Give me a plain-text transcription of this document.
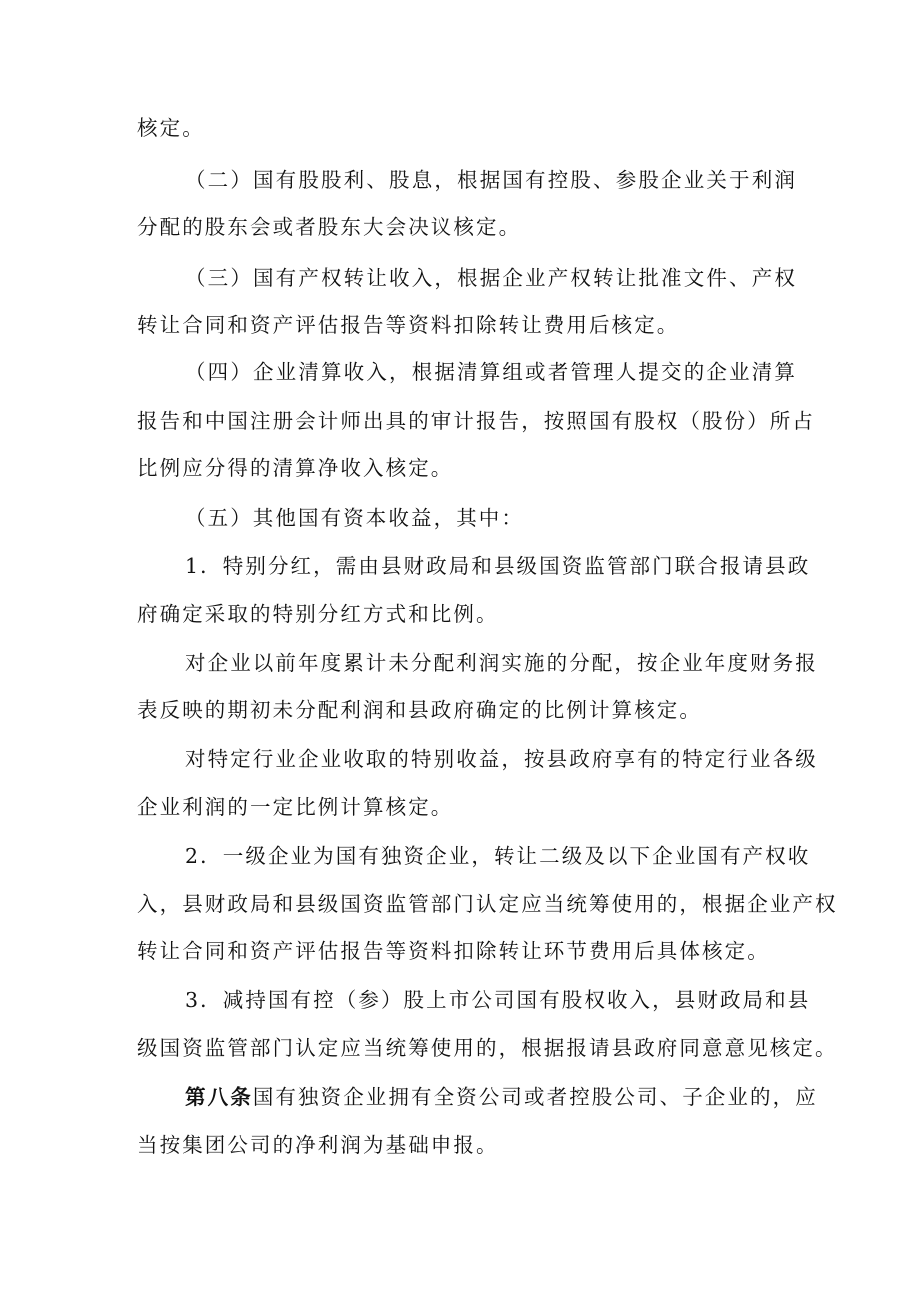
核定。
（二）国有股股利、股息，根据国有控股、参股企业关于利润
分配的股东会或者股东大会决议核定。
（三）国有产权转让收入，根据企业产权转让批准文件、产权
转让合同和资产评估报告等资料扣除转让费用后核定。
（四）企业清算收入，根据清算组或者管理人提交的企业清算
报告和中国注册会计师出具的审计报告，按照国有股权（股份）所占
比例应分得的清算净收入核定。
（五）其他国有资本收益，其中：
1．特别分红，需由县财政局和县级国资监管部门联合报请县政
府确定采取的特别分红方式和比例。
对企业以前年度累计未分配利润实施的分配，按企业年度财务报
表反映的期初未分配利润和县政府确定的比例计算核定。
对特定行业企业收取的特别收益，按县政府享有的特定行业各级
企业利润的一定比例计算核定。
2．一级企业为国有独资企业，转让二级及以下企业国有产权收
入，县财政局和县级国资监管部门认定应当统筹使用的，根据企业产权
转让合同和资产评估报告等资料扣除转让环节费用后具体核定。
3．减持国有控（参）股上市公司国有股权收入，县财政局和县
级国资监管部门认定应当统筹使用的，根据报请县政府同意意见核定。
第八条国有独资企业拥有全资公司或者控股公司、子企业的，应
当按集团公司的净利润为基础申报。
